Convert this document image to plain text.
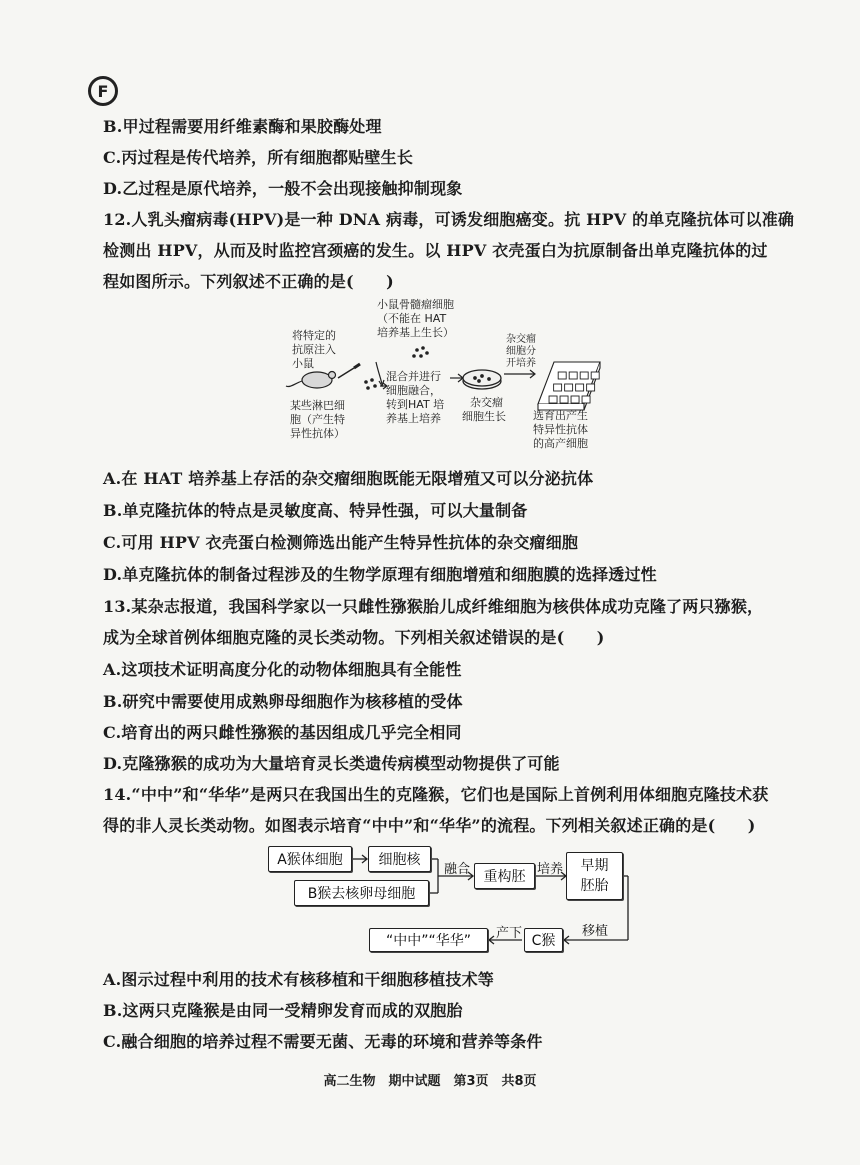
F
B.甲过程需要用纤维素酶和果胶酶处理
C.丙过程是传代培养，所有细胞都贴壁生长
D.乙过程是原代培养，一般不会出现接触抑制现象
12.人乳头瘤病毒(HPV)是一种 DNA 病毒，可诱发细胞癌变。抗 HPV 的单克隆抗体可以准确
检测出 HPV，从而及时监控宫颈癌的发生。以 HPV 衣壳蛋白为抗原制备出单克隆抗体的过
程如图所示。下列叙述不正确的是(　　)
小鼠骨髓瘤细胞
（不能在 HAT
培养基上生长）
将特定的
抗原注入
小鼠
某些淋巴细
胞（产生特
异性抗体）
混合并进行
细胞融合，
转到HAT 培
养基上培养
杂交瘤
细胞生长
杂交瘤
细胞分
开培养
选育出产生
特异性抗体
的高产细胞
A.在 HAT 培养基上存活的杂交瘤细胞既能无限增殖又可以分泌抗体
B.单克隆抗体的特点是灵敏度高、特异性强，可以大量制备
C.可用 HPV 衣壳蛋白检测筛选出能产生特异性抗体的杂交瘤细胞
D.单克隆抗体的制备过程涉及的生物学原理有细胞增殖和细胞膜的选择透过性
13.某杂志报道，我国科学家以一只雌性猕猴胎儿成纤维细胞为核供体成功克隆了两只猕猴，
成为全球首例体细胞克隆的灵长类动物。下列相关叙述错误的是(　　)
A.这项技术证明高度分化的动物体细胞具有全能性
B.研究中需要使用成熟卵母细胞作为核移植的受体
C.培育出的两只雌性猕猴的基因组成几乎完全相同
D.克隆猕猴的成功为大量培育灵长类遗传病模型动物提供了可能
14.“中中”和“华华”是两只在我国出生的克隆猴，它们也是国际上首例利用体细胞克隆技术获
得的非人灵长类动物。如图表示培育“中中”和“华华”的流程。下列相关叙述正确的是(　　)
A猴体细胞	细胞核
B猴去核卵母细胞
重构胚
早期
胚胎
C猴
“中中”“华华”
融合	培养
移植
产下
A.图示过程中利用的技术有核移植和干细胞移植技术等
B.这两只克隆猴是由同一受精卵发育而成的双胞胎
C.融合细胞的培养过程不需要无菌、无毒的环境和营养等条件
高二生物　期中试题　第3页　共8页
